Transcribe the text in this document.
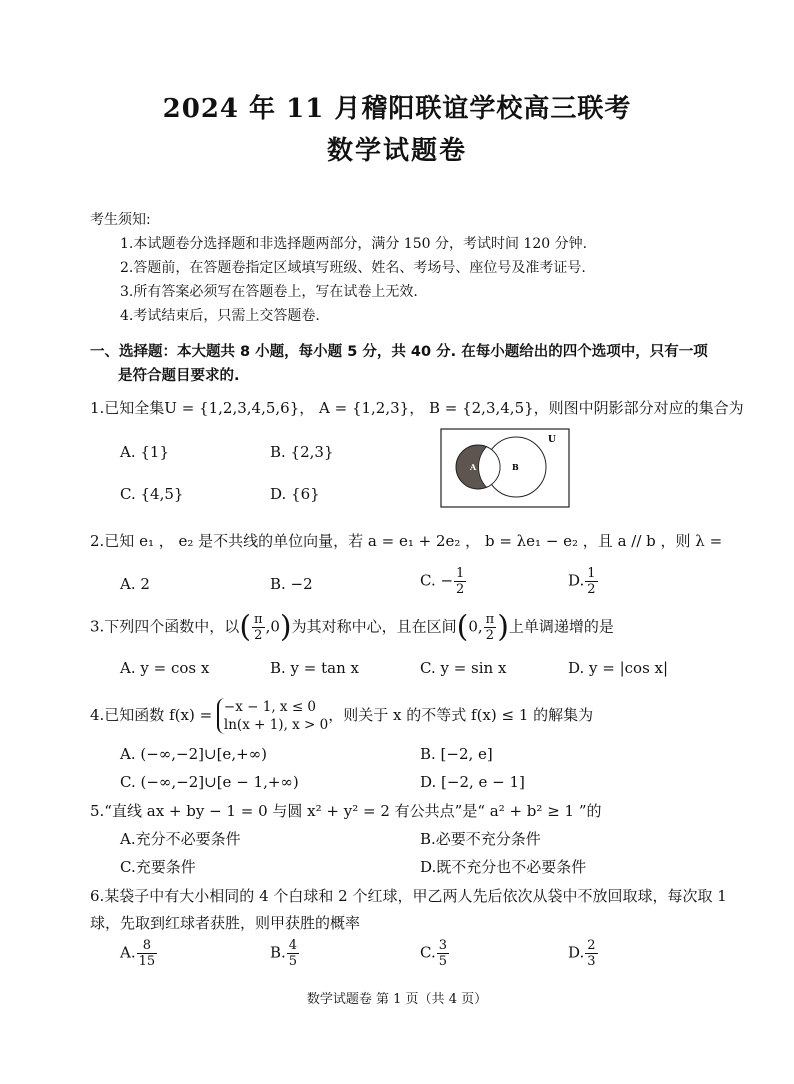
2024 年 11 月稽阳联谊学校高三联考
数学试题卷
考生须知:
1.本试题卷分选择题和非选择题两部分，满分 150 分，考试时间 120 分钟.
2.答题前，在答题卷指定区域填写班级、姓名、考场号、座位号及准考证号.
3.所有答案必须写在答题卷上，写在试卷上无效.
4.考试结束后，只需上交答题卷.
一、选择题：本大题共 8 小题，每小题 5 分，共 40 分. 在每小题给出的四个选项中，只有一项
是符合题目要求的.
1.已知全集U = {1,2,3,4,5,6}， A = {1,2,3}， B = {2,3,4,5}，则图中阴影部分对应的集合为
A. {1}	B. {2,3}
C. {4,5}	D. {6}
U
A	B
2.已知 e₁ ， e₂ 是不共线的单位向量，若 a = e₁ + 2e₂ ， b = λe₁ − e₂ ，且 a // b ，则 λ =
A. 2	B. −2	C. − $\frac{1}{2}$	D. $\frac{1}{2}$
3.下列四个函数中，以( $\frac{\pi}{2} ,0$)为其对称中心，且在区间(0, $\frac{\pi}{2}$ )上单调递增的是
A. y = cos x	B. y = tan x	C. y = sin x	D. y = |cos x|
4.已知函数 f(x) = −x − 1, x ≤ 0
ln(x + 1), x > 0
，则关于 x 的不等式 f(x) ≤ 1 的解集为
A. (−∞,−2]∪[e,+∞)	B. [−2, e]
C. (−∞,−2]∪[e − 1,+∞)	D. [−2, e − 1]
5.“直线 ax + by − 1 = 0 与圆 x² + y² = 2 有公共点”是“ a² + b² ≥ 1 ”的
A.充分不必要条件	B.必要不充分条件
C.充要条件	D.既不充分也不必要条件
6.某袋子中有大小相同的 4 个白球和 2 个红球，甲乙两人先后依次从袋中不放回取球，每次取 1
球，先取到红球者获胜，则甲获胜的概率
A. $\frac{8}{15}$	B. $\frac{4}{5}$	C. $\frac{3}{5}$	D. $\frac{2}{3}$
数学试题卷 第 1 页（共 4 页）
